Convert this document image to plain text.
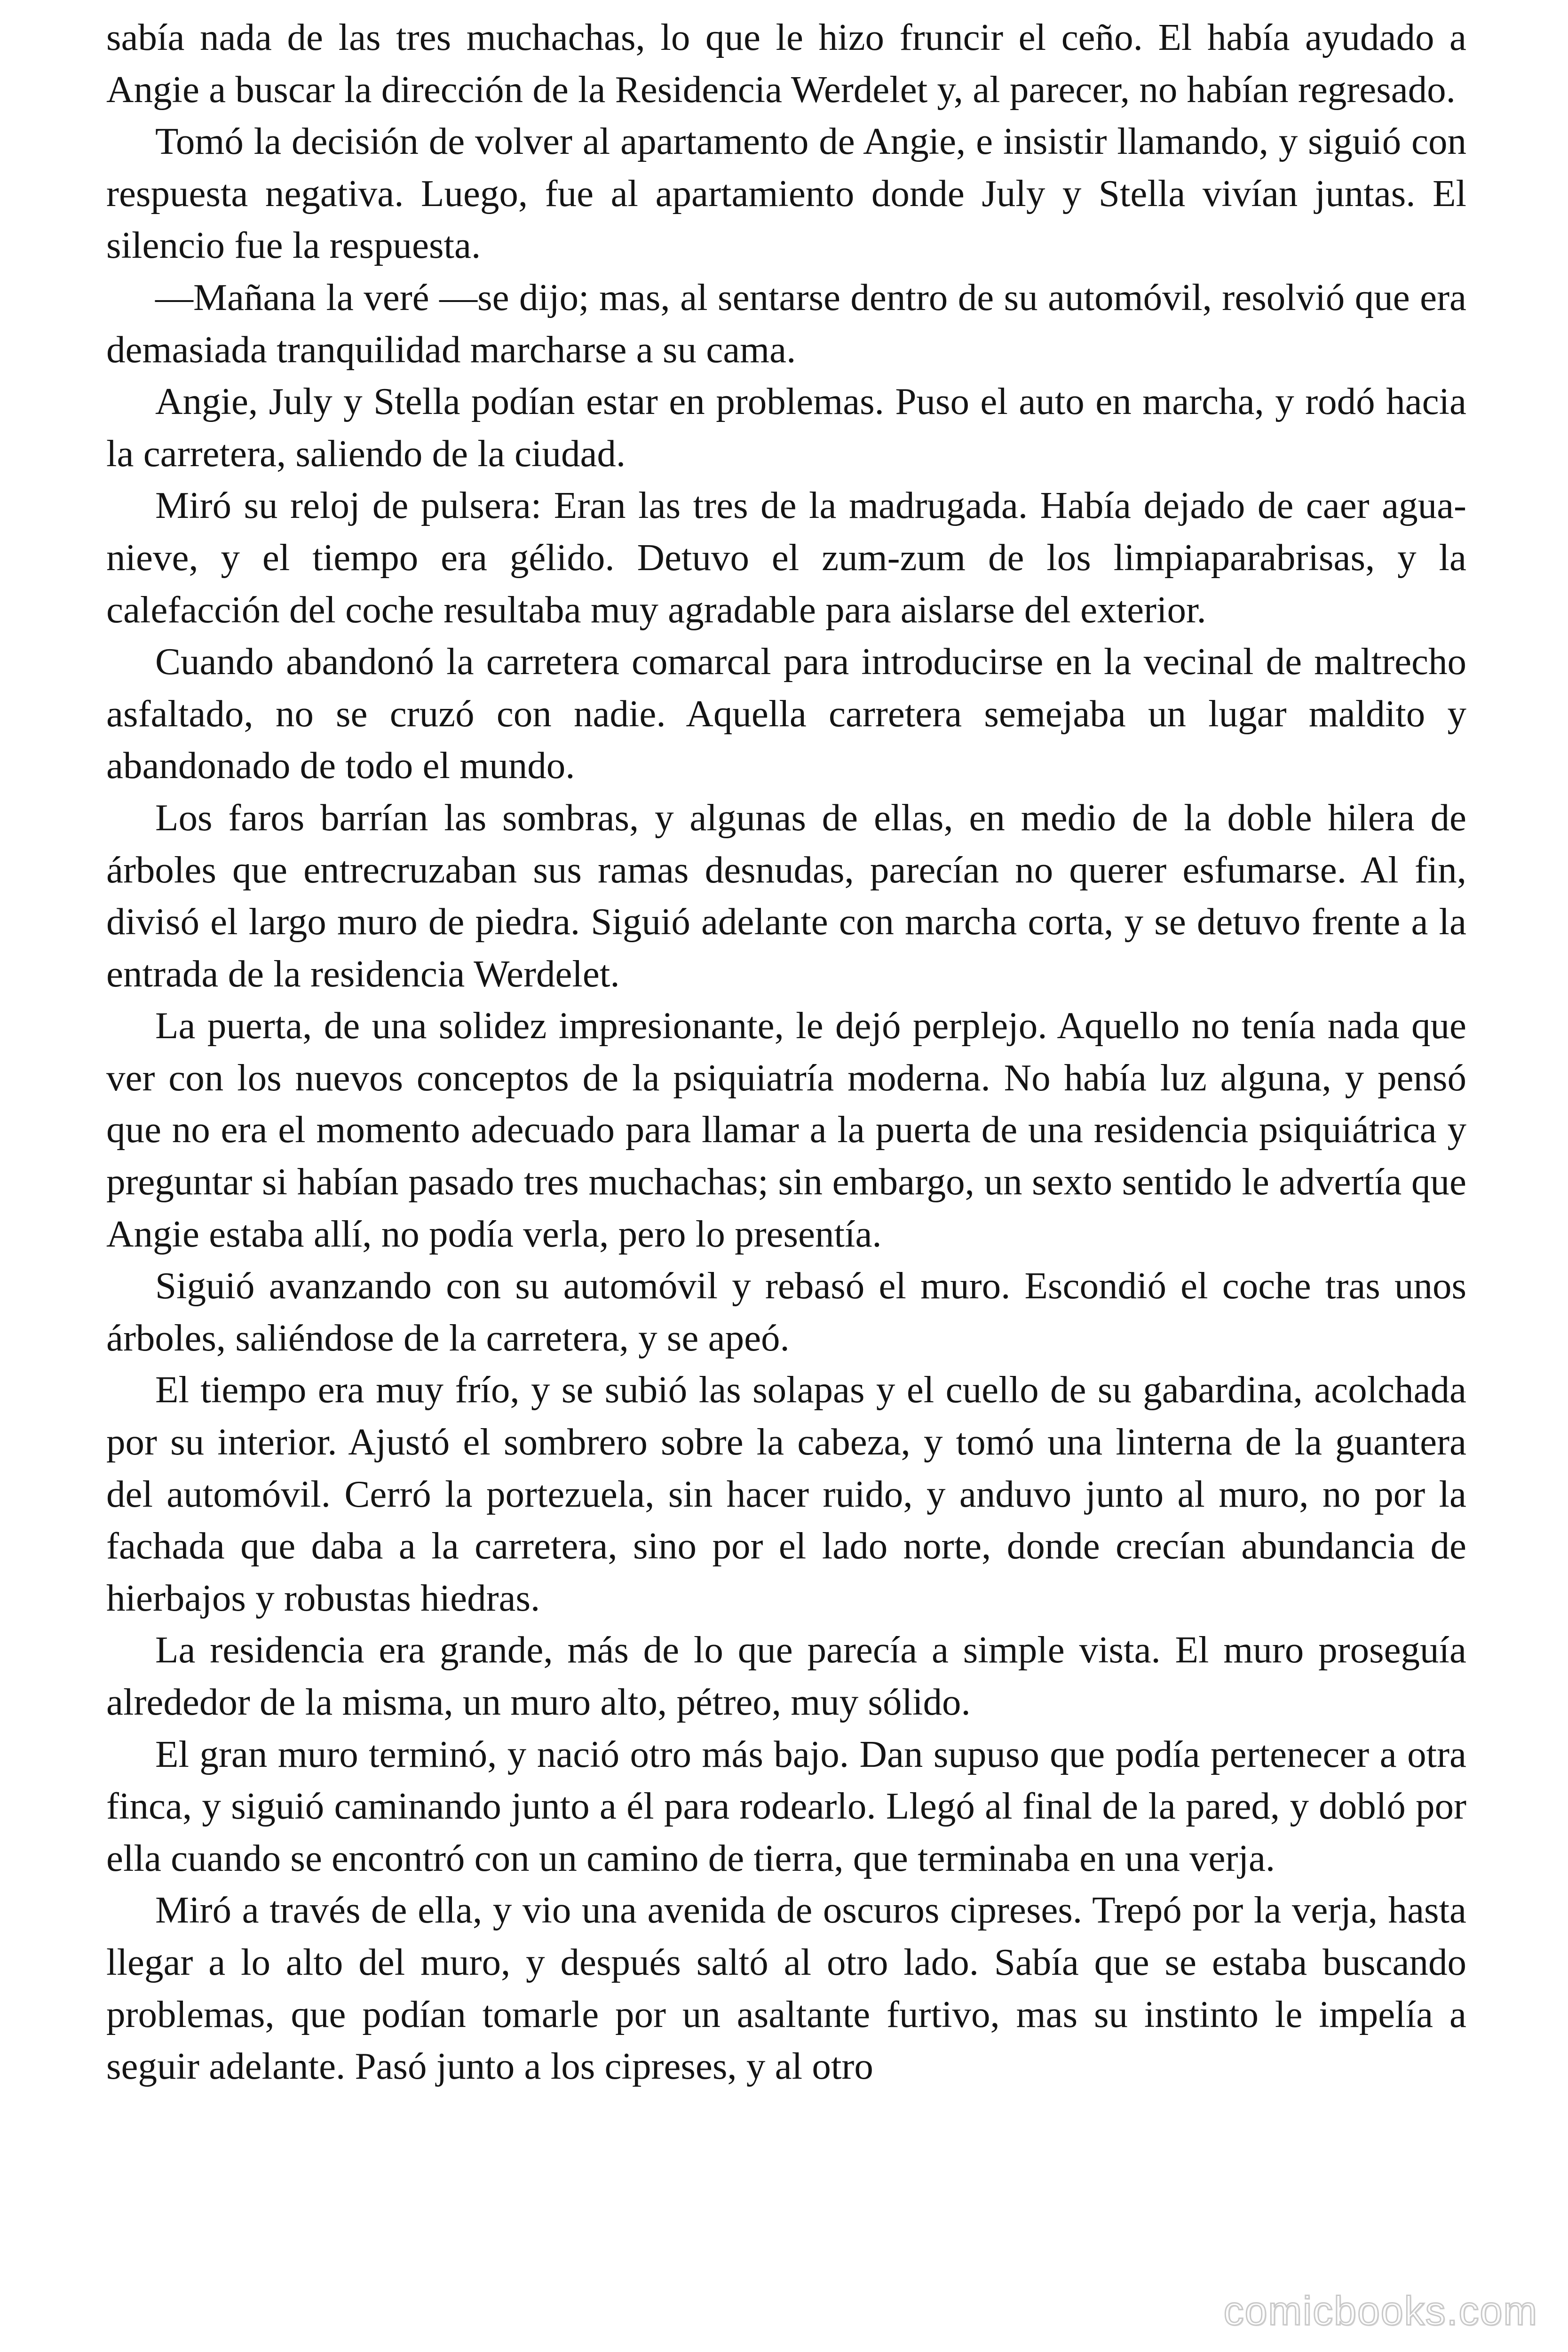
sabía nada de las tres muchachas, lo que le hizo fruncir el ceño. El había ayudado a Angie a buscar la dirección de la Residencia Werdelet y, al parecer, no habían regresado.

Tomó la decisión de volver al apartamento de Angie, e insistir llamando, y siguió con respuesta negativa. Luego, fue al apartamiento donde July y Stella vivían juntas. El silencio fue la respuesta.

—Mañana la veré —se dijo; mas, al sentarse dentro de su automóvil, resolvió que era demasiada tranquilidad marcharse a su cama.

Angie, July y Stella podían estar en problemas. Puso el auto en marcha, y rodó hacia la carretera, saliendo de la ciudad.

Miró su reloj de pulsera: Eran las tres de la madrugada. Había dejado de caer agua-nieve, y el tiempo era gélido. Detuvo el zum-zum de los limpiaparabrisas, y la calefacción del coche resultaba muy agradable para aislarse del exterior.

Cuando abandonó la carretera comarcal para introducirse en la vecinal de maltrecho asfaltado, no se cruzó con nadie. Aquella carretera semejaba un lugar maldito y abandonado de todo el mundo.

Los faros barrían las sombras, y algunas de ellas, en medio de la doble hilera de árboles que entrecruzaban sus ramas desnudas, parecían no querer esfumarse. Al fin, divisó el largo muro de piedra. Siguió adelante con marcha corta, y se detuvo frente a la entrada de la residencia Werdelet.

La puerta, de una solidez impresionante, le dejó perplejo. Aquello no tenía nada que ver con los nuevos conceptos de la psiquiatría moderna. No había luz alguna, y pensó que no era el momento adecuado para llamar a la puerta de una residencia psiquiátrica y preguntar si habían pasado tres muchachas; sin embargo, un sexto sentido le advertía que Angie estaba allí, no podía verla, pero lo presentía.

Siguió avanzando con su automóvil y rebasó el muro. Escondió el coche tras unos árboles, saliéndose de la carretera, y se apeó.

El tiempo era muy frío, y se subió las solapas y el cuello de su gabardina, acolchada por su interior. Ajustó el sombrero sobre la cabeza, y tomó una linterna de la guantera del automóvil. Cerró la portezuela, sin hacer ruido, y anduvo junto al muro, no por la fachada que daba a la carretera, sino por el lado norte, donde crecían abundancia de hierbajos y robustas hiedras.

La residencia era grande, más de lo que parecía a simple vista. El muro proseguía alrededor de la misma, un muro alto, pétreo, muy sólido.

El gran muro terminó, y nació otro más bajo. Dan supuso que podía pertenecer a otra finca, y siguió caminando junto a él para rodearlo. Llegó al final de la pared, y dobló por ella cuando se encontró con un camino de tierra, que terminaba en una verja.

Miró a través de ella, y vio una avenida de oscuros cipreses. Trepó por la verja, hasta llegar a lo alto del muro, y después saltó al otro lado. Sabía que se estaba buscando problemas, que podían tomarle por un asaltante furtivo, mas su instinto le impelía a seguir adelante. Pasó junto a los cipreses, y al otro

comicbooks.com
